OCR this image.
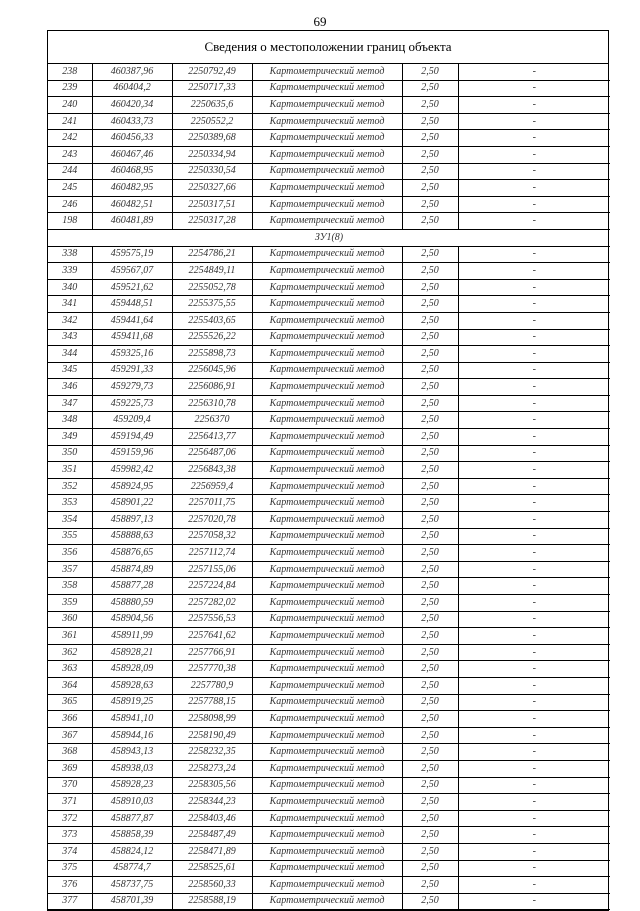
69
Сведения о местоположении границ объекта
238	460387,96	2250792,49	Картометрический метод	2,50	-
239	460404,2	2250717,33	Картометрический метод	2,50	-
240	460420,34	2250635,6	Картометрический метод	2,50	-
241	460433,73	2250552,2	Картометрический метод	2,50	-
242	460456,33	2250389,68	Картометрический метод	2,50	-
243	460467,46	2250334,94	Картометрический метод	2,50	-
244	460468,95	2250330,54	Картометрический метод	2,50	-
245	460482,95	2250327,66	Картометрический метод	2,50	-
246	460482,51	2250317,51	Картометрический метод	2,50	-
198	460481,89	2250317,28	Картометрический метод	2,50	-
ЗУ1(8)					
338	459575,19	2254786,21	Картометрический метод	2,50	-
339	459567,07	2254849,11	Картометрический метод	2,50	-
340	459521,62	2255052,78	Картометрический метод	2,50	-
341	459448,51	2255375,55	Картометрический метод	2,50	-
342	459441,64	2255403,65	Картометрический метод	2,50	-
343	459411,68	2255526,22	Картометрический метод	2,50	-
344	459325,16	2255898,73	Картометрический метод	2,50	-
345	459291,33	2256045,96	Картометрический метод	2,50	-
346	459279,73	2256086,91	Картометрический метод	2,50	-
347	459225,73	2256310,78	Картометрический метод	2,50	-
348	459209,4	2256370	Картометрический метод	2,50	-
349	459194,49	2256413,77	Картометрический метод	2,50	-
350	459159,96	2256487,06	Картометрический метод	2,50	-
351	459982,42	2256843,38	Картометрический метод	2,50	-
352	458924,95	2256959,4	Картометрический метод	2,50	-
353	458901,22	2257011,75	Картометрический метод	2,50	-
354	458897,13	2257020,78	Картометрический метод	2,50	-
355	458888,63	2257058,32	Картометрический метод	2,50	-
356	458876,65	2257112,74	Картометрический метод	2,50	-
357	458874,89	2257155,06	Картометрический метод	2,50	-
358	458877,28	2257224,84	Картометрический метод	2,50	-
359	458880,59	2257282,02	Картометрический метод	2,50	-
360	458904,56	2257556,53	Картометрический метод	2,50	-
361	458911,99	2257641,62	Картометрический метод	2,50	-
362	458928,21	2257766,91	Картометрический метод	2,50	-
363	458928,09	2257770,38	Картометрический метод	2,50	-
364	458928,63	2257780,9	Картометрический метод	2,50	-
365	458919,25	2257788,15	Картометрический метод	2,50	-
366	458941,10	2258098,99	Картометрический метод	2,50	-
367	458944,16	2258190,49	Картометрический метод	2,50	-
368	458943,13	2258232,35	Картометрический метод	2,50	-
369	458938,03	2258273,24	Картометрический метод	2,50	-
370	458928,23	2258305,56	Картометрический метод	2,50	-
371	458910,03	2258344,23	Картометрический метод	2,50	-
372	458877,87	2258403,46	Картометрический метод	2,50	-
373	458858,39	2258487,49	Картометрический метод	2,50	-
374	458824,12	2258471,89	Картометрический метод	2,50	-
375	458774,7	2258525,61	Картометрический метод	2,50	-
376	458737,75	2258560,33	Картометрический метод	2,50	-
377	458701,39	2258588,19	Картометрический метод	2,50	-
